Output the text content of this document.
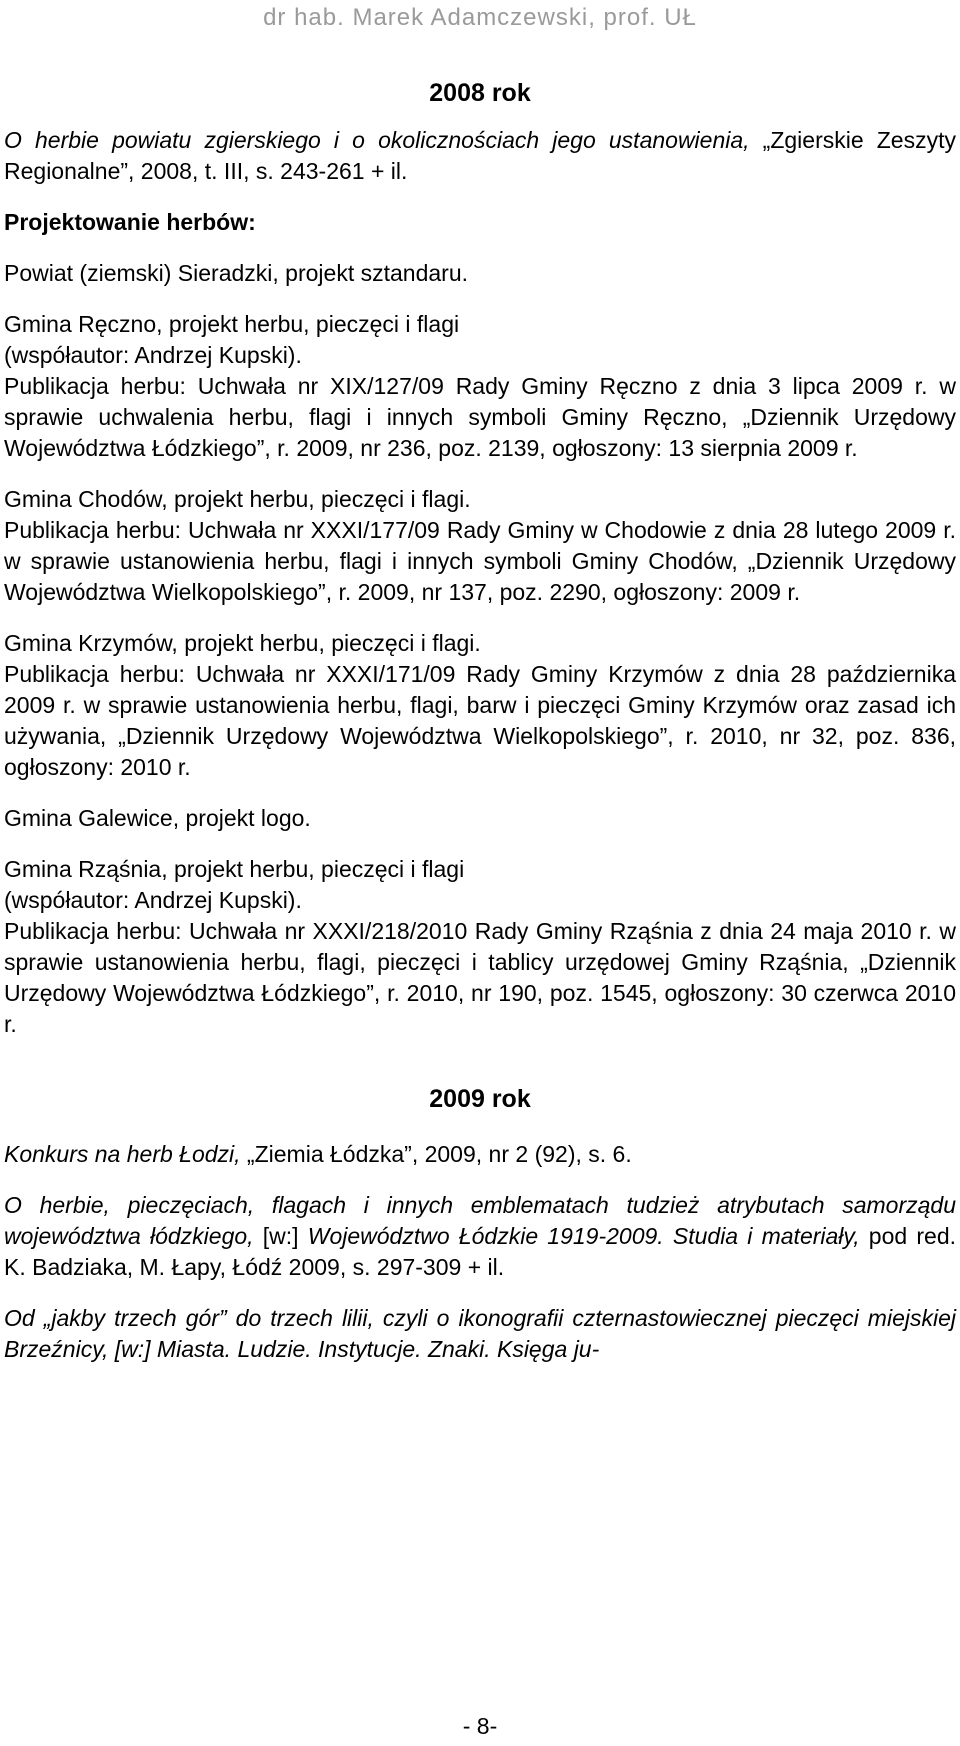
dr hab. Marek Adamczewski, prof. UŁ
2008 rok

O herbie powiatu zgierskiego i o okolicznościach jego ustanowienia, „Zgierskie Zeszyty Regionalne”, 2008, t. III, s. 243-261 + il.

Projektowanie herbów:

Powiat (ziemski) Sieradzki, projekt sztandaru.

Gmina Ręczno, projekt herbu, pieczęci i flagi

(współautor: Andrzej Kupski).

Publikacja herbu: Uchwała nr XIX/127/09 Rady Gminy Ręczno z dnia 3 lipca 2009 r. w sprawie uchwalenia herbu, flagi i innych symboli Gminy Ręczno, „Dziennik Urzędowy Województwa Łódzkiego”, r. 2009, nr 236, poz. 2139, ogłoszony: 13 sierpnia 2009 r.

Gmina Chodów, projekt herbu, pieczęci i flagi.

Publikacja herbu: Uchwała nr XXXI/177/09 Rady Gminy w Chodowie z dnia 28 lutego 2009 r. w sprawie ustanowienia herbu, flagi i innych symboli Gminy Chodów, „Dziennik Urzędowy Województwa Wielkopolskiego”, r. 2009, nr 137, poz. 2290, ogłoszony: 2009 r.

Gmina Krzymów, projekt herbu, pieczęci i flagi.

Publikacja herbu: Uchwała nr XXXI/171/09 Rady Gminy Krzymów z dnia 28 października 2009 r. w sprawie ustanowienia herbu, flagi, barw i pieczęci Gminy Krzymów oraz zasad ich używania, „Dziennik Urzędowy Województwa Wielkopolskiego”, r. 2010, nr 32, poz. 836, ogłoszony: 2010 r.

Gmina Galewice, projekt logo.

Gmina Rząśnia, projekt herbu, pieczęci i flagi

(współautor: Andrzej Kupski).

Publikacja herbu: Uchwała nr XXXI/218/2010 Rady Gminy Rząśnia z dnia 24 maja 2010 r. w sprawie ustanowienia herbu, flagi, pieczęci i tablicy urzędowej Gminy Rząśnia, „Dziennik Urzędowy Województwa Łódzkiego”, r. 2010, nr 190, poz. 1545, ogłoszony: 30 czerwca 2010 r.

2009 rok

Konkurs na herb Łodzi, „Ziemia Łódzka”, 2009, nr 2 (92), s. 6.

O herbie, pieczęciach, flagach i innych emblematach tudzież atrybutach samorządu województwa łódzkiego, [w:] Województwo Łódzkie 1919-2009. Studia i materiały, pod red. K. Badziaka, M. Łapy, Łódź 2009, s. 297-309 + il.

Od „jakby trzech gór” do trzech lilii, czyli o ikonografii czternastowiecznej pieczęci miejskiej Brzeźnicy, [w:] Miasta. Ludzie. Instytucje. Znaki. Księga ju-

- 8-
